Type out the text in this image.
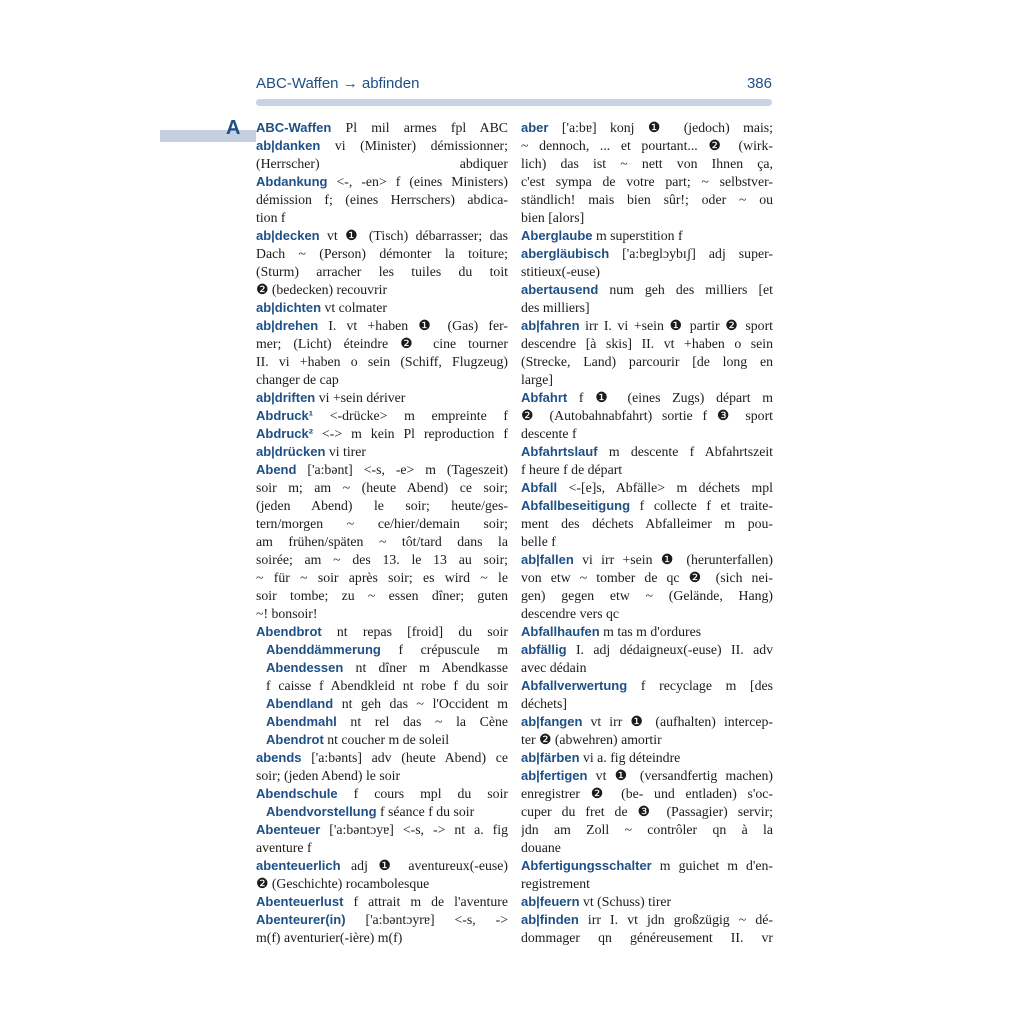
ABC-Waffen → abfinden	386
A ABC-Waffen Pl mil armes fpl ABC
ab|danken vi (Minister) démissionner;
(Herrscher) abdiquer
Abdankung <-, -en> f (eines Ministers)
démission f; (eines Herrschers) abdica-
tion f
ab|decken vt ❶ (Tisch) débarrasser; das
Dach ~ (Person) démonter la toiture;
(Sturm) arracher les tuiles du toit
❷ (bedecken) recouvrir
ab|dichten vt colmater
ab|drehen I. vt +haben ❶ (Gas) fer-
mer; (Licht) éteindre ❷ cine tourner
II. vi +haben o sein (Schiff, Flugzeug)
changer de cap
ab|driften vi +sein dériver
Abdruck¹ <-drücke> m empreinte f
Abdruck² <-> m kein Pl reproduction f
ab|drücken vi tirer
Abend ['a:bənt] <-s, -e> m (Tageszeit)
soir m; am ~ (heute Abend) ce soir;
(jeden Abend) le soir; heute/ges-
tern/morgen ~ ce/hier/demain soir;
am frühen/späten ~ tôt/tard dans la
soirée; am ~ des 13. le 13 au soir;
~ für ~ soir après soir; es wird ~ le
soir tombe; zu ~ essen dîner; guten
~! bonsoir!
Abendbrot nt repas [froid] du soir
Abenddämmerung f crépuscule m
Abendessen nt dîner m Abendkasse
f caisse f Abendkleid nt robe f du soir
Abendland nt geh das ~ l'Occident m
Abendmahl nt rel das ~ la Cène
Abendrot nt coucher m de soleil
abends ['a:bənts] adv (heute Abend) ce
soir; (jeden Abend) le soir
Abendschule f cours mpl du soir
Abendvorstellung f séance f du soir
Abenteuer ['a:bəntɔyɐ] <-s, -> nt a. fig
aventure f
abenteuerlich adj ❶ aventureux(-euse)
❷ (Geschichte) rocambolesque
Abenteuerlust f attrait m de l'aventure
Abenteurer(in) ['a:bəntɔyrɐ] <-s, ->
m(f) aventurier(-ière) m(f)
aber ['a:bɐ] konj ❶ (jedoch) mais;
~ dennoch, ... et pourtant... ❷ (wirk-
lich) das ist ~ nett von Ihnen ça,
c'est sympa de votre part; ~ selbstver-
ständlich! mais bien sûr!; oder ~ ou
bien [alors]
Aberglaube m superstition f
abergläubisch ['a:bɐglɔybɪʃ] adj super-
stitieux(-euse)
abertausend num geh des milliers [et
des milliers]
ab|fahren irr I. vi +sein ❶ partir ❷ sport
descendre [à skis] II. vt +haben o sein
(Strecke, Land) parcourir [de long en
large]
Abfahrt f ❶ (eines Zugs) départ m
❷ (Autobahnabfahrt) sortie f ❸ sport
descente f
Abfahrtslauf m descente f Abfahrtszeit
f heure f de départ
Abfall <-[e]s, Abfälle> m déchets mpl
Abfallbeseitigung f collecte f et traite-
ment des déchets Abfalleimer m pou-
belle f
ab|fallen vi irr +sein ❶ (herunterfallen)
von etw ~ tomber de qc ❷ (sich nei-
gen) gegen etw ~ (Gelände, Hang)
descendre vers qc
Abfallhaufen m tas m d'ordures
abfällig I. adj dédaigneux(-euse) II. adv
avec dédain
Abfallverwertung f recyclage m [des
déchets]
ab|fangen vt irr ❶ (aufhalten) intercep-
ter ❷ (abwehren) amortir
ab|färben vi a. fig déteindre
ab|fertigen vt ❶ (versandfertig machen)
enregistrer ❷ (be- und entladen) s'oc-
cuper du fret de ❸ (Passagier) servir;
jdn am Zoll ~ contrôler qn à la
douane
Abfertigungsschalter m guichet m d'en-
registrement
ab|feuern vt (Schuss) tirer
ab|finden irr I. vt jdn großzügig ~ dé-
dommager qn généreusement II. vr
